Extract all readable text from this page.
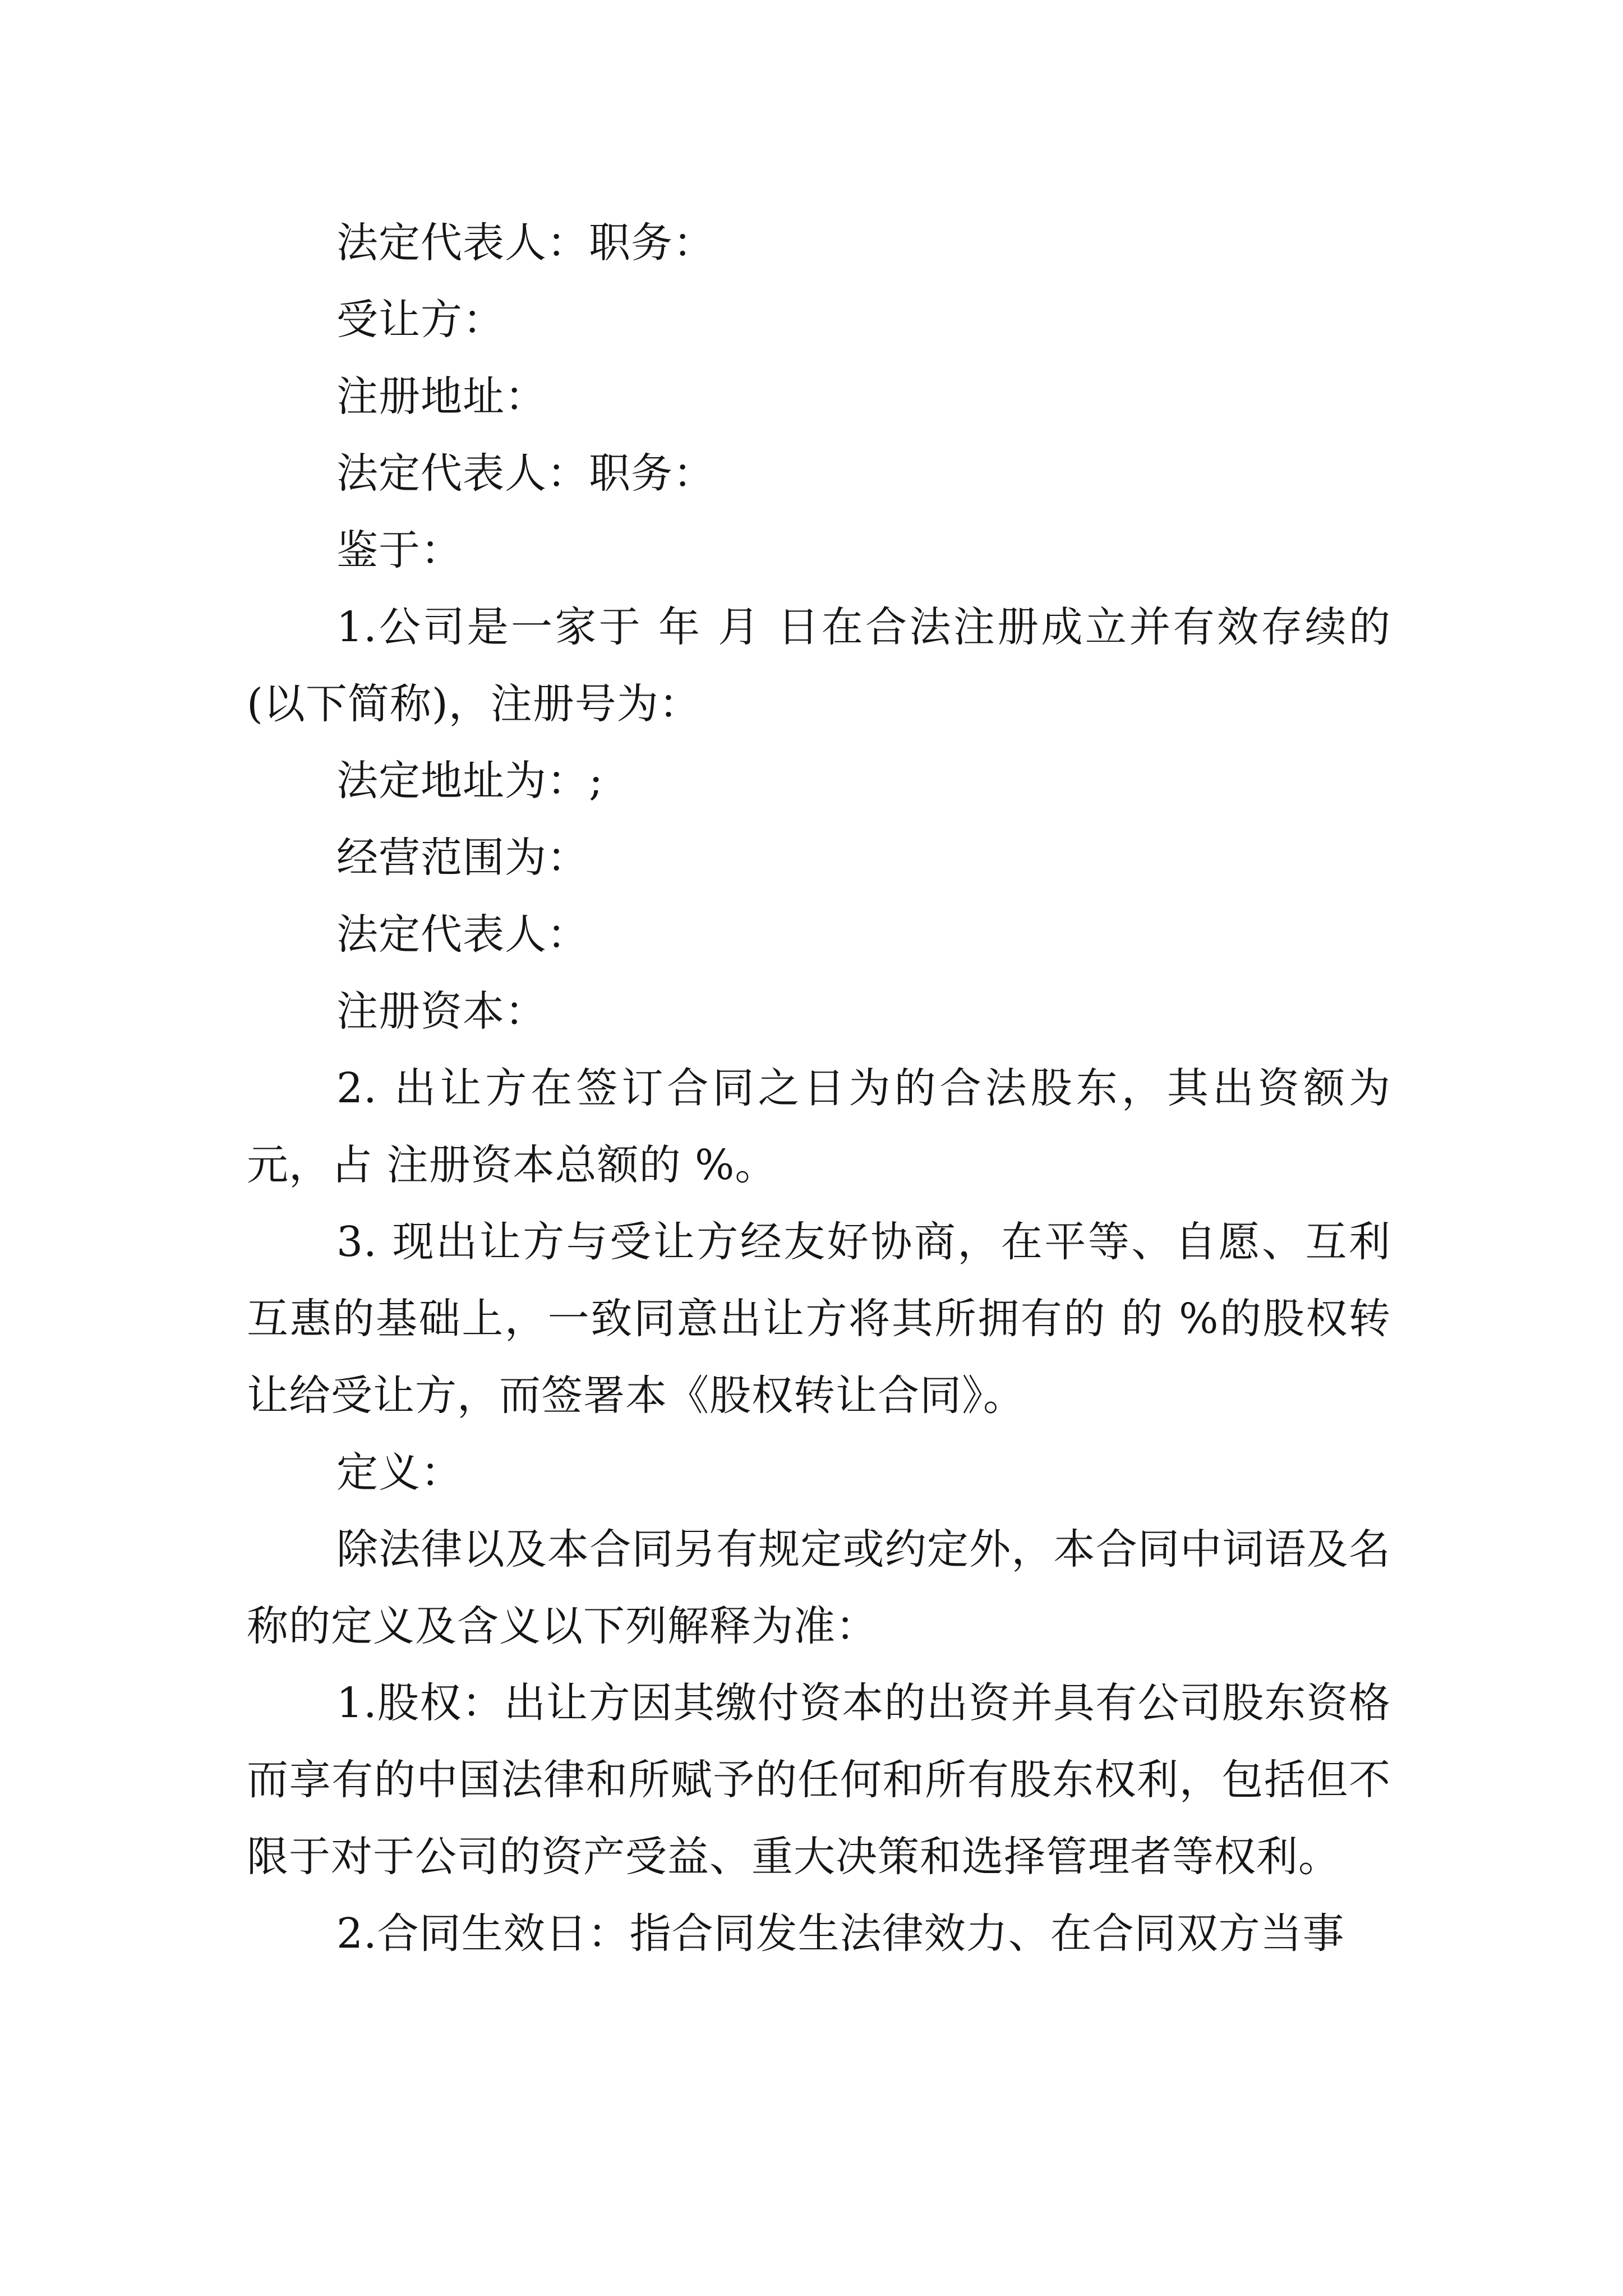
法定代表人：职务：

受让方：

注册地址：

法定代表人：职务：

鉴于：

1.公司是一家于 年 月 日在合法注册成立并有效存续的(以下简称)，注册号为：

法定地址为：;

经营范围为：

法定代表人：

注册资本：

2. 出让方在签订合同之日为的合法股东，其出资额为元，占 注册资本总额的 %。

3. 现出让方与受让方经友好协商，在平等、自愿、互利互惠的基础上，一致同意出让方将其所拥有的 的 %的股权转让给受让方，而签署本《股权转让合同》。

定义：

除法律以及本合同另有规定或约定外，本合同中词语及名称的定义及含义以下列解释为准：

1.股权：出让方因其缴付资本的出资并具有公司股东资格而享有的中国法律和所赋予的任何和所有股东权利，包括但不限于对于公司的资产受益、重大决策和选择管理者等权利。

2.合同生效日：指合同发生法律效力、在合同双方当事
